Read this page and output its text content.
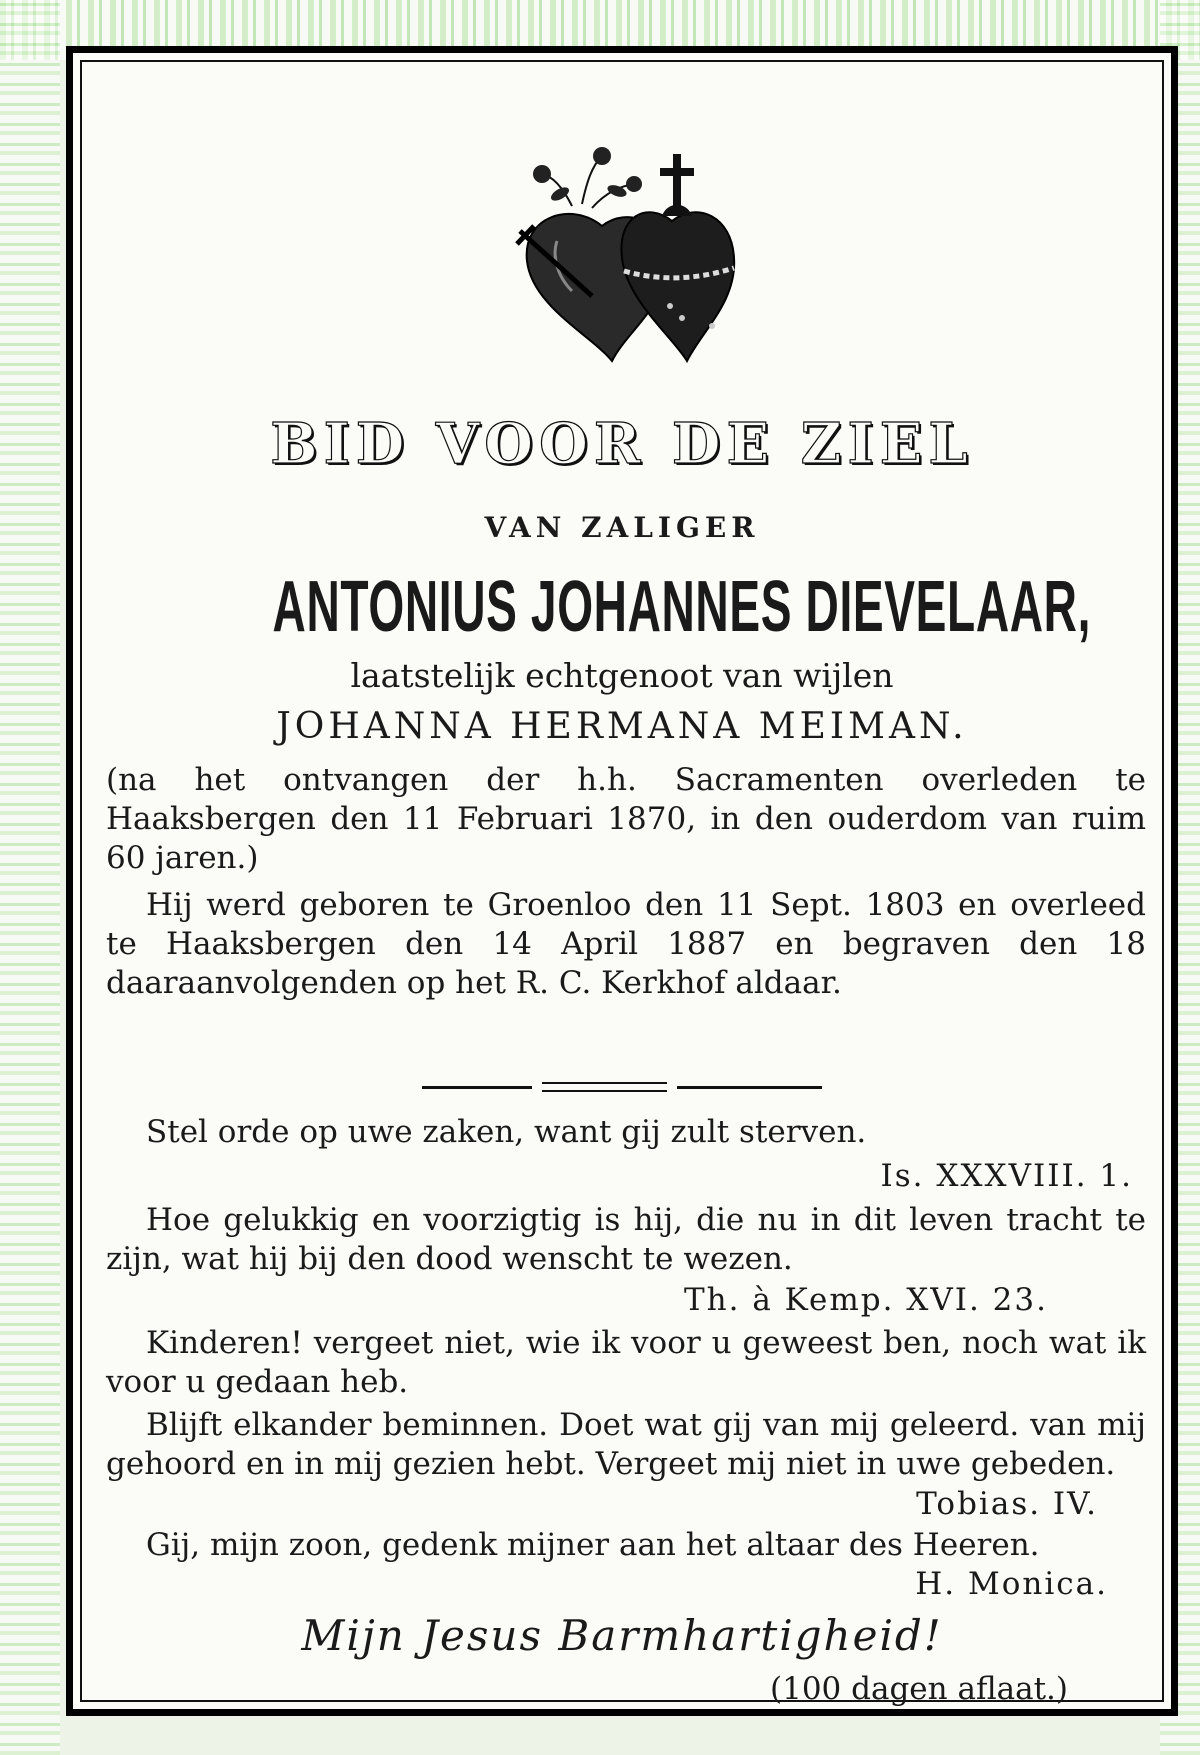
BID VOOR DE ZIEL
VAN ZALIGER
ANTONIUS JOHANNES DIEVELAAR,
laatstelijk echtgenoot van wijlen
JOHANNA HERMANA MEIMAN.
(na het ontvangen der h.h. Sacramenten overleden te Haaksbergen den 11 Februari 1870, in den ouderdom van ruim 60 jaren.)
Hij werd geboren te Groenloo den 11 Sept. 1803 en overleed te Haaksbergen den 14 April 1887 en begraven den 18 daaraanvolgenden op het R. C. Kerkhof aldaar.
Stel orde op uwe zaken, want gij zult sterven.
Is. XXXVIII. 1.
Hoe gelukkig en voorzigtig is hij, die nu in dit leven tracht te zijn, wat hij bij den dood wenscht te wezen.
Th. à Kemp. XVI. 23.
Kinderen! vergeet niet, wie ik voor u geweest ben, noch wat ik voor u gedaan heb.
Blijft elkander beminnen. Doet wat gij van mij geleerd. van mij gehoord en in mij gezien hebt. Vergeet mij niet in uwe gebeden.
Tobias. IV.
Gij, mijn zoon, gedenk mijner aan het altaar des Heeren.
H. Monica.
Mijn Jesus Barmhartigheid!
(100 dagen aflaat.)
